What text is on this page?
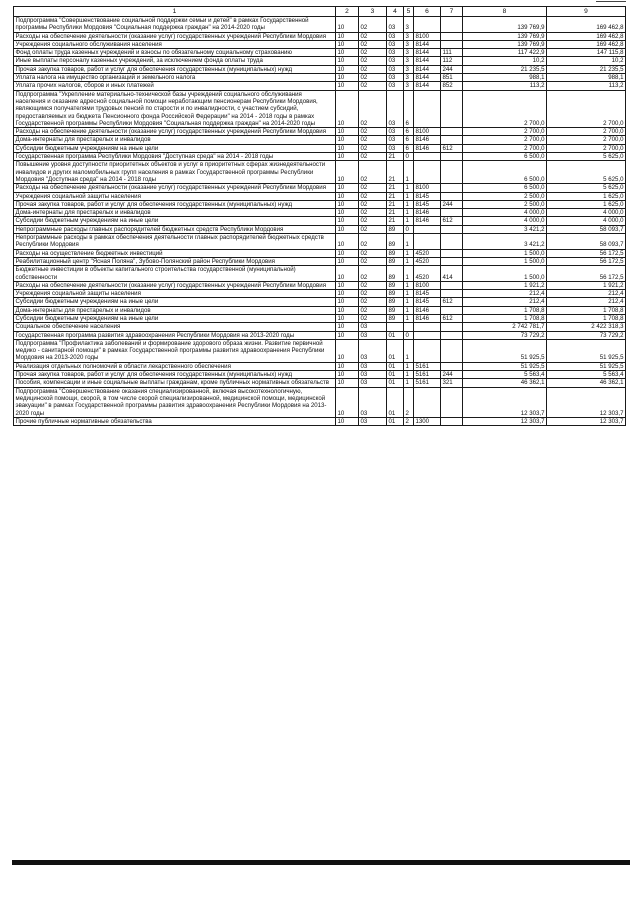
1	2	3	4	5	6	7	8	9
Подпрограмма "Совершенствование социальной поддержки семьи и детей" в рамках Государственной программы Республики Мордовия "Социальная поддержка граждан" на 2014-2020 годы	10	02	03	3			139 769,9	169 462,8
Расходы на обеспечение деятельности (оказание услуг) государственных учреждений Республики Мордовия	10	02	03	3	8100		139 769,9	169 462,8
Учреждения социального обслуживания населения	10	02	03	3	8144		139 769,9	169 462,8
Фонд оплаты труда казенных учреждений и взносы по обязательному социальному страхованию	10	02	03	3	8144	111	117 422,9	147 115,8
Иные выплаты персоналу казенных учреждений, за исключением фонда оплаты труда	10	02	03	3	8144	112	10,2	10,2
Прочая закупка товаров, работ и услуг для обеспечения государственных (муниципальных) нужд	10	02	03	3	8144	244	21 235,5	21 235,5
Уплата налога на имущество организаций и земельного налога	10	02	03	3	8144	851	988,1	988,1
Уплата прочих налогов, сборов и иных платежей	10	02	03	3	8144	852	113,2	113,2
Подпрограмма "Укрепление материально-технической базы учреждений социального обслуживания населения и оказание адресной социальной помощи неработающим пенсионерам Республики Мордовия, являющимся получателями трудовых пенсий по старости и по инвалидности, с участием субсидий, предоставляемых из бюджета Пенсионного фонда Российской Федерации" на 2014 - 2018 годы в рамках Государственной программы Республики Мордовия "Социальная поддержка граждан" на 2014-2020 годы	10	02	03	6			2 700,0	2 700,0
Расходы на обеспечение деятельности (оказание услуг) государственных учреждений Республики Мордовия	10	02	03	6	8100		2 700,0	2 700,0
Дома-интернаты для престарелых и инвалидов	10	02	03	6	8146		2 700,0	2 700,0
Субсидии бюджетным учреждениям на иные цели	10	02	03	6	8146	612	2 700,0	2 700,0
Государственная программа Республики Мордовия "Доступная среда" на 2014 - 2018 годы	10	02	21	0			6 500,0	5 625,0
Повышение уровня доступности приоритетных объектов и услуг в приоритетных сферах жизнедеятельности инвалидов и других маломобильных групп населения в рамках Государственной программы Республики Мордовия "Доступная среда" на 2014 - 2018 годы	10	02	21	1			6 500,0	5 625,0
Расходы на обеспечение деятельности (оказание услуг) государственных учреждений Республики Мордовия	10	02	21	1	8100		6 500,0	5 625,0
Учреждения социальной защиты населения	10	02	21	1	8145		2 500,0	1 625,0
Прочая закупка товаров, работ и услуг для обеспечения государственных (муниципальных) нужд	10	02	21	1	8145	244	2 500,0	1 625,0
Дома-интернаты для престарелых и инвалидов	10	02	21	1	8146		4 000,0	4 000,0
Субсидии бюджетным учреждениям на иные цели	10	02	21	1	8146	612	4 000,0	4 000,0
Непрограммные расходы главных распорядителей бюджетных средств Республики Мордовия	10	02	89	0			3 421,2	58 093,7
Непрограммные расходы в рамках обеспечения деятельности главных распорядителей бюджетных средств Республики Мордовия	10	02	89	1			3 421,2	58 093,7
Расходы на осуществление бюджетных инвестиций	10	02	89	1	4520		1 500,0	56 172,5
Реабилитационный центр "Ясная Поляна", Зубово-Полянский район Республики Мордовия	10	02	89	1	4520		1 500,0	56 172,5
Бюджетные инвестиции в объекты капитального строительства государственной (муниципальной) собственности	10	02	89	1	4520	414	1 500,0	56 172,5
Расходы на обеспечение деятельности (оказание услуг) государственных учреждений Республики Мордовия	10	02	89	1	8100		1 921,2	1 921,2
Учреждения социальной защиты населения	10	02	89	1	8145		212,4	212,4
Субсидии бюджетным учреждениям на иные цели	10	02	89	1	8145	612	212,4	212,4
Дома-интернаты для престарелых и инвалидов	10	02	89	1	8146		1 708,8	1 708,8
Субсидии бюджетным учреждениям на иные цели	10	02	89	1	8146	612	1 708,8	1 708,8
Социальное обеспечение населения	10	03					2 742 781,7	2 422 318,3
Государственная программа развития здравоохранения Республики Мордовия на 2013-2020 годы	10	03	01	0			73 729,2	73 729,2
Подпрограмма "Профилактика заболеваний и формирование здорового образа жизни. Развитие первичной медико - санитарной помощи" в рамках Государственной программы развития здравоохранения Республики Мордовия на 2013-2020 годы	10	03	01	1			51 925,5	51 925,5
Реализация отдельных полномочий в области лекарственного обеспечения	10	03	01	1	5161		51 925,5	51 925,5
Прочая закупка товаров, работ и услуг для обеспечения государственных (муниципальных) нужд	10	03	01	1	5161	244	5 563,4	5 563,4
Пособия, компенсации и иные социальные выплаты гражданам, кроме публичных нормативных обязательств	10	03	01	1	5161	321	46 362,1	46 362,1
Подпрограмма "Совершенствование оказания специализированной, включая высокотехнологичную, медицинской помощи, скорой, в том числе скорой специализированной, медицинской помощи, медицинской эвакуации" в рамках Государственной программы развития здравоохранения Республики Мордовия на 2013-2020 годы	10	03	01	2			12 303,7	12 303,7
Прочие публичные нормативные обязательства	10	03	01	2	1300		12 303,7	12 303,7
